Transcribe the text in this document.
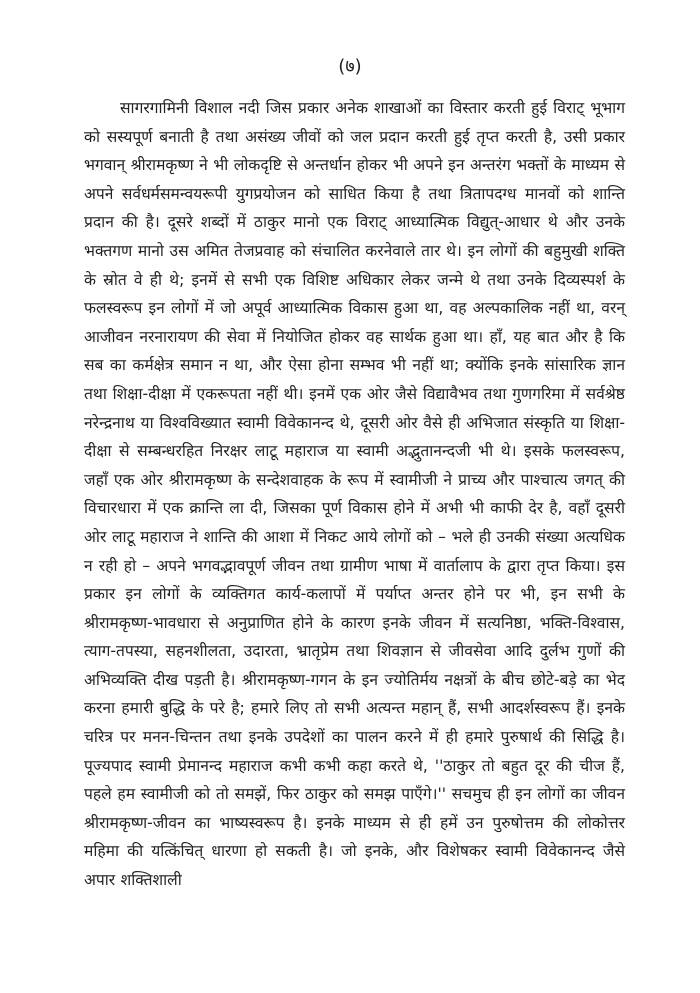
(७)

सागरगामिनी विशाल नदी जिस प्रकार अनेक शाखाओं का विस्तार करती हुई विराट् भूभाग को सस्यपूर्ण बनाती है तथा असंख्य जीवों को जल प्रदान करती हुई तृप्त करती है, उसी प्रकार भगवान् श्रीरामकृष्ण ने भी लोकदृष्टि से अन्तर्धान होकर भी अपने इन अन्तरंग भक्तों के माध्यम से अपने सर्वधर्मसमन्वयरूपी युगप्रयोजन को साधित किया है तथा त्रितापदग्ध मानवों को शान्ति प्रदान की है। दूसरे शब्दों में ठाकुर मानो एक विराट् आध्यात्मिक विद्युत्-आधार थे और उनके भक्तगण मानो उस अमित तेजप्रवाह को संचालित करनेवाले तार थे। इन लोगों की बहुमुखी शक्ति के स्रोत वे ही थे; इनमें से सभी एक विशिष्ट अधिकार लेकर जन्मे थे तथा उनके दिव्यस्पर्श के फलस्वरूप इन लोगों में जो अपूर्व आध्यात्मिक विकास हुआ था, वह अल्पकालिक नहीं था, वरन् आजीवन नरनारायण की सेवा में नियोजित होकर वह सार्थक हुआ था। हाँ, यह बात और है कि सब का कर्मक्षेत्र समान न था, और ऐसा होना सम्भव भी नहीं था; क्योंकि इनके सांसारिक ज्ञान तथा शिक्षा-दीक्षा में एकरूपता नहीं थी। इनमें एक ओर जैसे विद्यावैभव तथा गुणगरिमा में सर्वश्रेष्ठ नरेन्द्रनाथ या विश्वविख्यात स्वामी विवेकानन्द थे, दूसरी ओर वैसे ही अभिजात संस्कृति या शिक्षा-दीक्षा से सम्बन्धरहित निरक्षर लाटू महाराज या स्वामी अद्भुतानन्दजी भी थे। इसके फलस्वरूप, जहाँ एक ओर श्रीरामकृष्ण के सन्देशवाहक के रूप में स्वामीजी ने प्राच्य और पाश्चात्य जगत् की विचारधारा में एक क्रान्ति ला दी, जिसका पूर्ण विकास होने में अभी भी काफी देर है, वहाँ दूसरी ओर लाटू महाराज ने शान्ति की आशा में निकट आये लोगों को – भले ही उनकी संख्या अत्यधिक न रही हो – अपने भगवद्भावपूर्ण जीवन तथा ग्रामीण भाषा में वार्तालाप के द्वारा तृप्त किया। इस प्रकार इन लोगों के व्यक्तिगत कार्य-कलापों में पर्याप्त अन्तर होने पर भी, इन सभी के श्रीरामकृष्ण-भावधारा से अनुप्राणित होने के कारण इनके जीवन में सत्यनिष्ठा, भक्ति-विश्वास, त्याग-तपस्या, सहनशीलता, उदारता, भ्रातृप्रेम तथा शिवज्ञान से जीवसेवा आदि दुर्लभ गुणों की अभिव्यक्ति दीख पड़ती है। श्रीरामकृष्ण-गगन के इन ज्योतिर्मय नक्षत्रों के बीच छोटे-बड़े का भेद करना हमारी बुद्धि के परे है; हमारे लिए तो सभी अत्यन्त महान् हैं, सभी आदर्शस्वरूप हैं। इनके चरित्र पर मनन-चिन्तन तथा इनके उपदेशों का पालन करने में ही हमारे पुरुषार्थ की सिद्धि है। पूज्यपाद स्वामी प्रेमानन्द महाराज कभी कभी कहा करते थे, ''ठाकुर तो बहुत दूर की चीज हैं, पहले हम स्वामीजी को तो समझें, फिर ठाकुर को समझ पाएँगे।'' सचमुच ही इन लोगों का जीवन श्रीरामकृष्ण-जीवन का भाष्यस्वरूप है। इनके माध्यम से ही हमें उन पुरुषोत्तम की लोकोत्तर महिमा की यत्किंचित् धारणा हो सकती है। जो इनके, और विशेषकर स्वामी विवेकानन्द जैसे अपार शक्तिशाली
